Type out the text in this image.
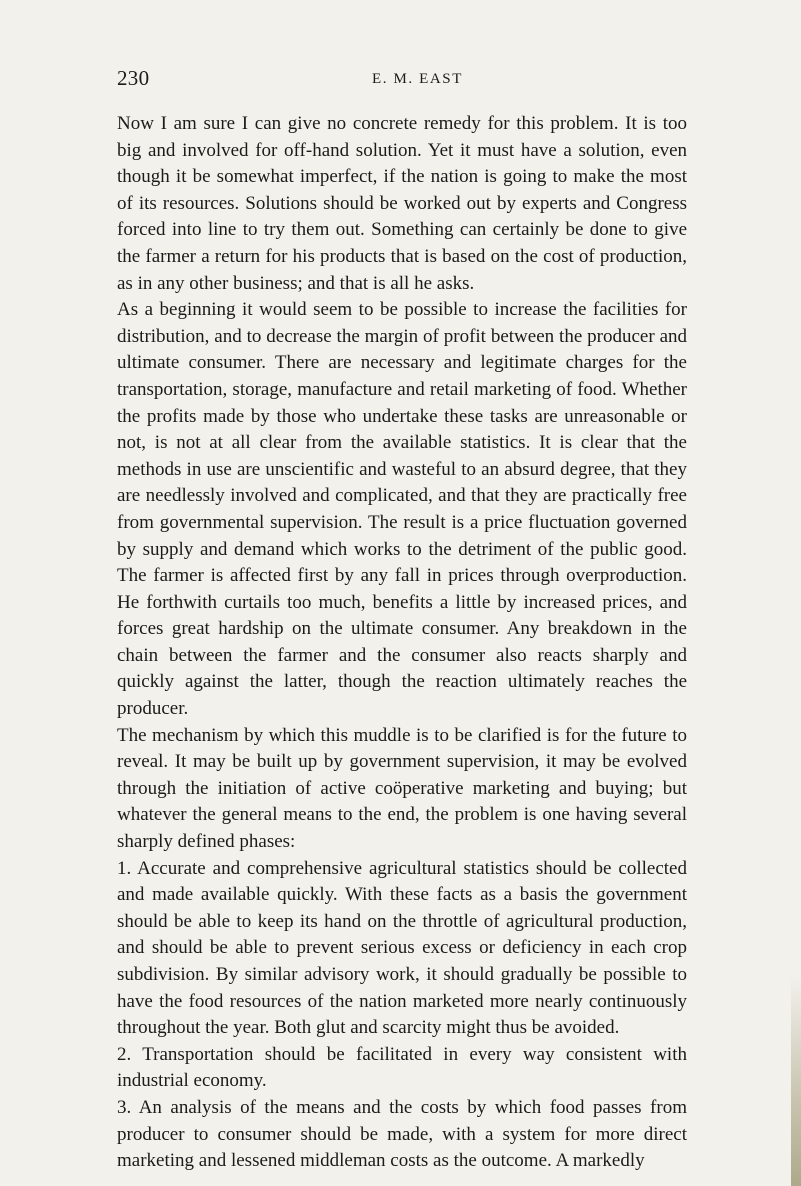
230	E. M. EAST

Now I am sure I can give no concrete remedy for this problem. It is too big and involved for off-hand solution. Yet it must have a solution, even though it be somewhat imperfect, if the nation is going to make the most of its resources. Solutions should be worked out by experts and Congress forced into line to try them out. Something can certainly be done to give the farmer a return for his products that is based on the cost of production, as in any other business; and that is all he asks.

As a beginning it would seem to be possible to increase the facilities for distribution, and to decrease the margin of profit between the producer and ultimate consumer. There are necessary and legitimate charges for the transportation, storage, manufacture and retail marketing of food. Whether the profits made by those who undertake these tasks are unreasonable or not, is not at all clear from the available statistics. It is clear that the methods in use are unscientific and wasteful to an absurd degree, that they are needlessly involved and complicated, and that they are practically free from governmental supervision. The result is a price fluctuation governed by supply and demand which works to the detriment of the public good. The farmer is affected first by any fall in prices through overproduction. He forthwith curtails too much, benefits a little by increased prices, and forces great hardship on the ultimate consumer. Any breakdown in the chain between the farmer and the consumer also reacts sharply and quickly against the latter, though the reaction ultimately reaches the producer.

The mechanism by which this muddle is to be clarified is for the future to reveal. It may be built up by government supervision, it may be evolved through the initiation of active coöperative marketing and buying; but whatever the general means to the end, the problem is one having several sharply defined phases:

1. Accurate and comprehensive agricultural statistics should be collected and made available quickly. With these facts as a basis the government should be able to keep its hand on the throttle of agricultural production, and should be able to prevent serious excess or deficiency in each crop subdivision. By similar advisory work, it should gradually be possible to have the food resources of the nation marketed more nearly continuously throughout the year. Both glut and scarcity might thus be avoided.

2. Transportation should be facilitated in every way consistent with industrial economy.

3. An analysis of the means and the costs by which food passes from producer to consumer should be made, with a system for more direct marketing and lessened middleman costs as the outcome. A markedly
